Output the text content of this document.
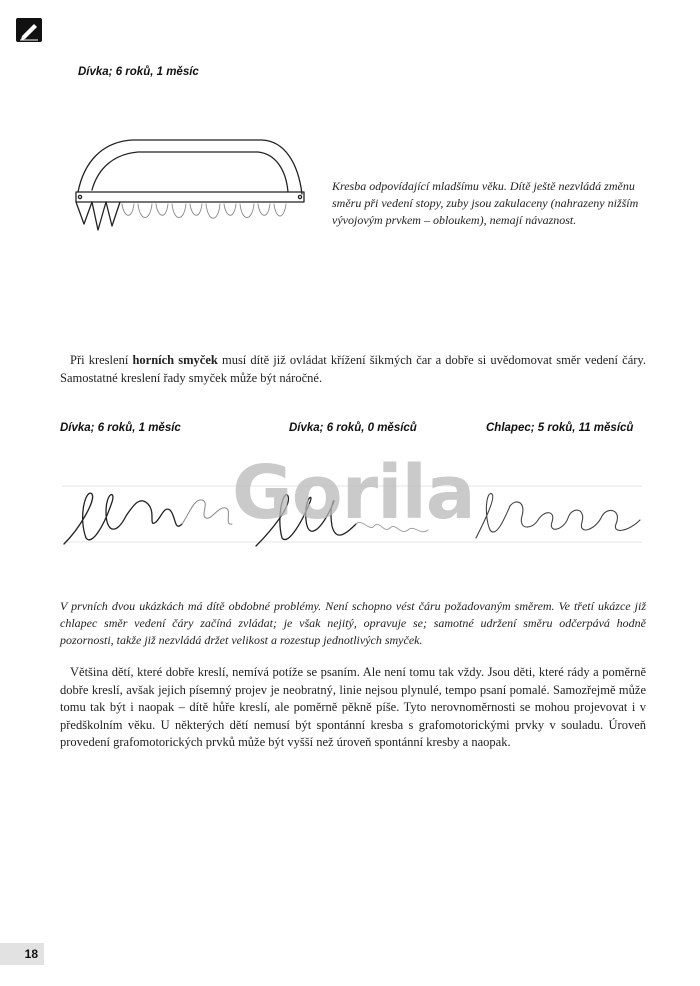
Dívka; 6 roků, 1 měsíc
Kresba odpovídající mladšímu věku. Dítě ještě nezvládá změnu směru při vedení stopy, zuby jsou zakulaceny (nahrazeny nižším vývojovým prvkem – obloukem), nemají návaznost.

Při kreslení horních smyček musí dítě již ovládat křížení šikmých čar a dobře si uvědomovat směr vedení čáry. Samostatné kreslení řady smyček může být náročné.

Dívka; 6 roků, 1 měsíc	Dívka; 6 roků, 0 měsíců	Chlapec; 5 roků, 11 měsíců
Gorila
V prvních dvou ukázkách má dítě obdobné problémy. Není schopno vést čáru požadovaným směrem. Ve třetí ukázce již chlapec směr vedení čáry začíná zvládat; je však nejitý, opravuje se; samotné udržení směru odčerpává hodně pozornosti, takže již nezvládá držet velikost a rozestup jednotlivých smyček.

Většina dětí, které dobře kreslí, nemívá potíže se psaním. Ale není tomu tak vždy. Jsou děti, které rády a poměrně dobře kreslí, avšak jejich písemný projev je neobratný, linie nejsou plynulé, tempo psaní pomalé. Samozřejmě může tomu tak být i naopak – dítě hůře kreslí, ale poměrně pěkně píše. Tyto nerovnoměrnosti se mohou projevovat i v předškolním věku. U některých dětí nemusí být spontánní kresba s grafomotorickými prvky v souladu. Úroveň provedení grafomotorických prvků může být vyšší než úroveň spontánní kresby a naopak.

18
